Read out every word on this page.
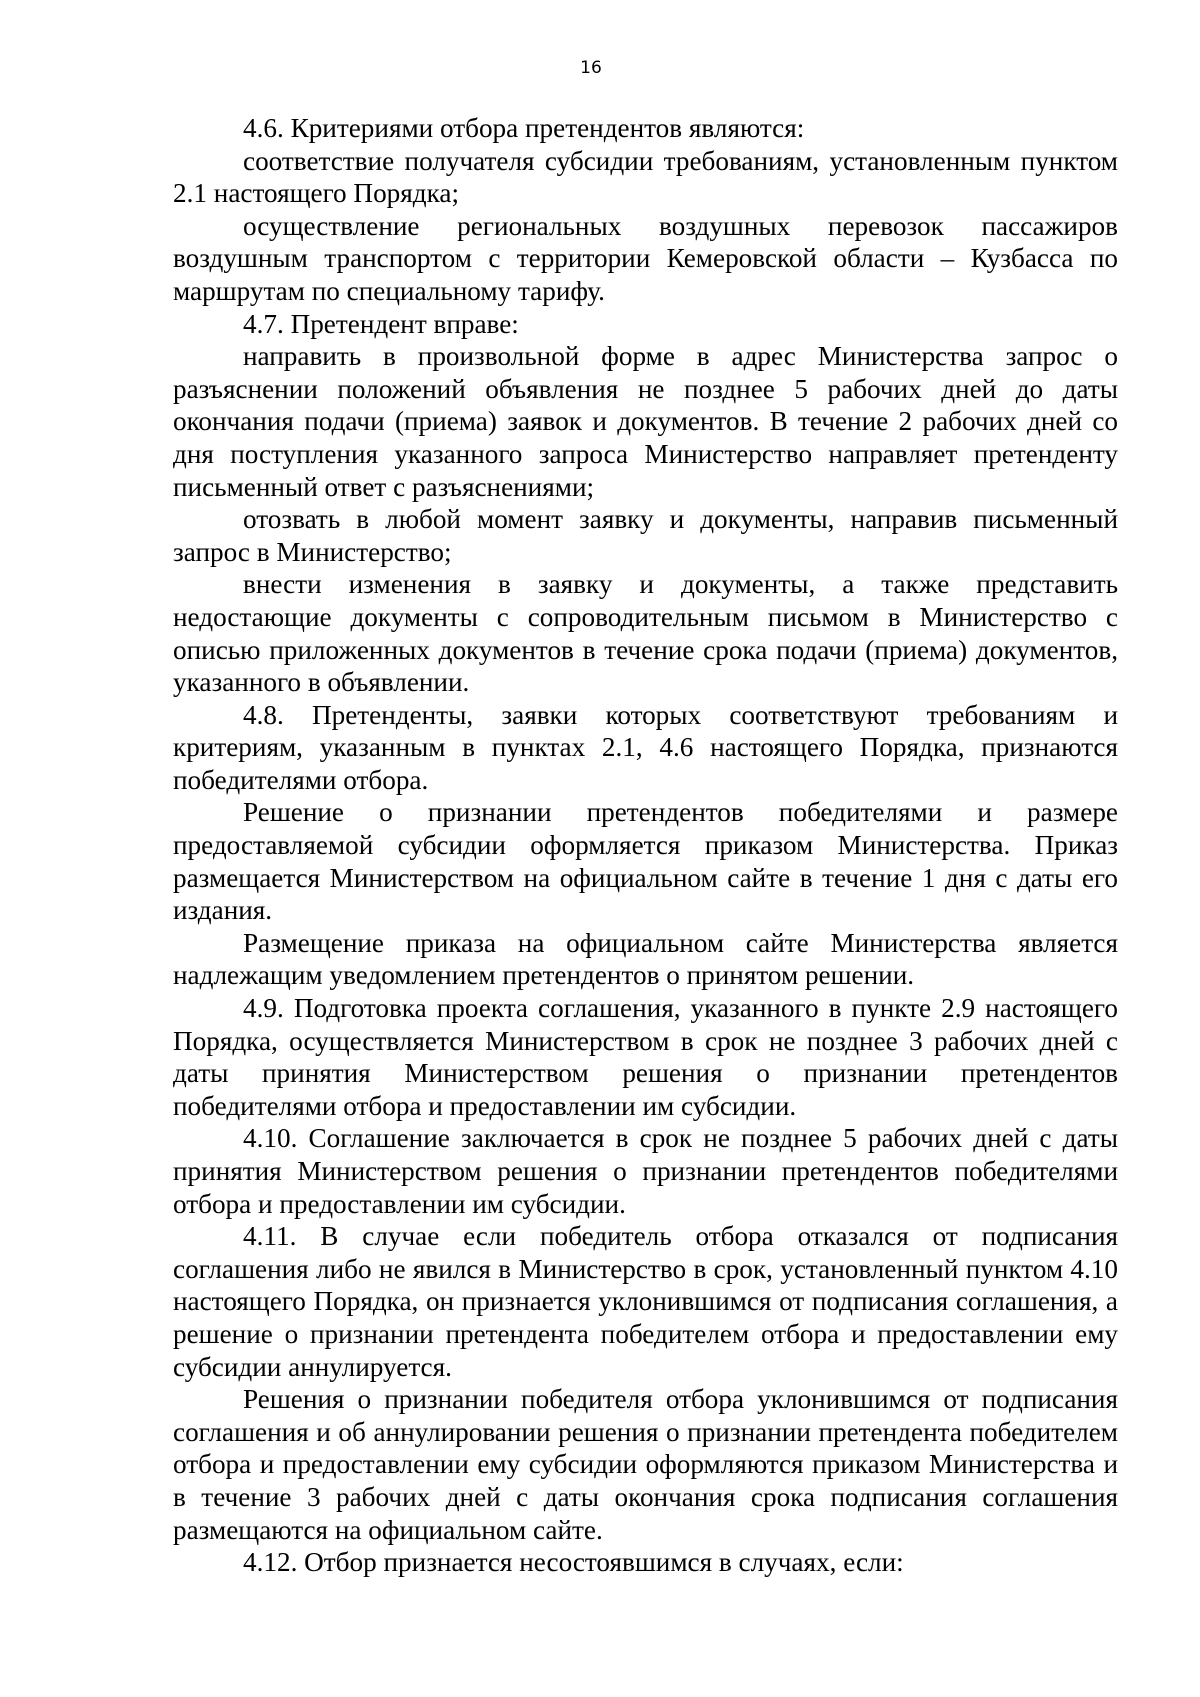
16

4.6. Критериями отбора претендентов являются:

соответствие получателя субсидии требованиям, установленным пунктом 2.1 настоящего Порядка;

осуществление региональных воздушных перевозок пассажиров воздушным транспортом с территории Кемеровской области – Кузбасса по маршрутам по специальному тарифу.

4.7. Претендент вправе:

направить в произвольной форме в адрес Министерства запрос о разъяснении положений объявления не позднее 5 рабочих дней до даты окончания подачи (приема) заявок и документов. В течение 2 рабочих дней со дня поступления указанного запроса Министерство направляет претенденту письменный ответ с разъяснениями;

отозвать в любой момент заявку и документы, направив письменный запрос в Министерство;

внести изменения в заявку и документы, а также представить недостающие документы с сопроводительным письмом в Министерство с описью приложенных документов в течение срока подачи (приема) документов, указанного в объявлении.

4.8. Претенденты, заявки которых соответствуют требованиям и критериям, указанным в пунктах 2.1, 4.6 настоящего Порядка, признаются победителями отбора.

Решение о признании претендентов победителями и размере предоставляемой субсидии оформляется приказом Министерства. Приказ размещается Министерством на официальном сайте в течение 1 дня с даты его издания.

Размещение приказа на официальном сайте Министерства является надлежащим уведомлением претендентов о принятом решении.

4.9. Подготовка проекта соглашения, указанного в пункте 2.9 настоящего Порядка, осуществляется Министерством в срок не позднее 3 рабочих дней с даты принятия Министерством решения о признании претендентов победителями отбора и предоставлении им субсидии.

4.10. Соглашение заключается в срок не позднее 5 рабочих дней с даты принятия Министерством решения о признании претендентов победителями отбора и предоставлении им субсидии.

4.11. В случае если победитель отбора отказался от подписания соглашения либо не явился в Министерство в срок, установленный пунктом 4.10 настоящего Порядка, он признается уклонившимся от подписания соглашения, а решение о признании претендента победителем отбора и предоставлении ему субсидии аннулируется.

Решения о признании победителя отбора уклонившимся от подписания соглашения и об аннулировании решения о признании претендента победителем отбора и предоставлении ему субсидии оформляются приказом Министерства и в течение 3 рабочих дней с даты окончания срока подписания соглашения размещаются на официальном сайте.

4.12. Отбор признается несостоявшимся в случаях, если:
